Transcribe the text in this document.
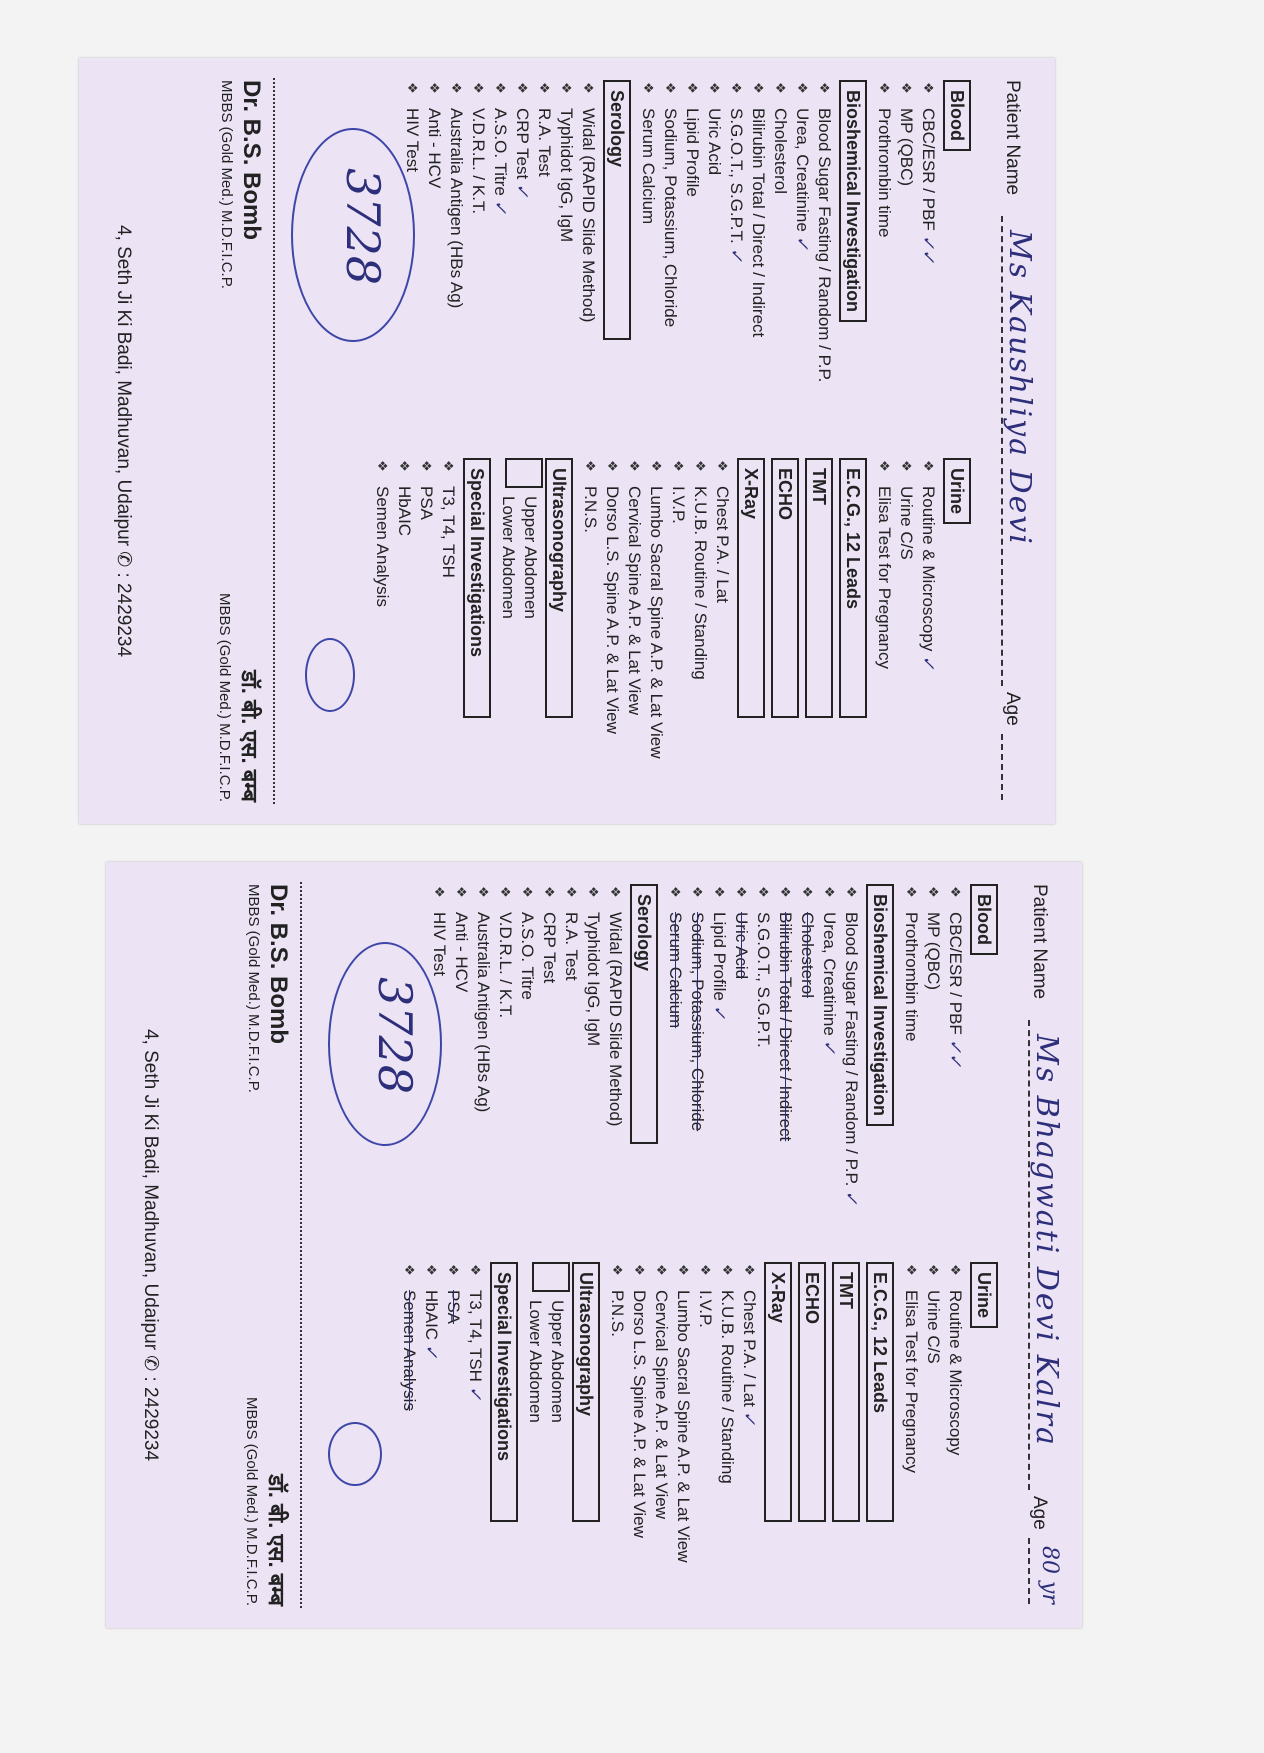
Patient Name
Ms Kaushliya Devi
Age
Blood
❖ CBC/ESR / PBF✓✓
❖ MP (QBC)
❖ Prothrombin time
Bioshemical Investigation
❖ Blood Sugar Fasting / Random / P.P.
❖ Urea, Creatinine✓
❖ Cholesterol
❖ Bilirubin Total / Direct / Indirect
❖ S.G.O.T., S.G.P.T.✓
❖ Uric Acid
❖ Lipid Profile
❖ Sodium, Potassium, Chloride
❖ Serum Calcium
Serology
❖ Widal (RAPID Slide Method)
❖ Typhidot IgG, IgM
❖ R.A. Test
❖ CRP Test✓
❖ A.S.O. Titre✓
❖ V.D.R.L. / K.T.
❖ Australia Antigen (HBs Ag)
❖ Anti - HCV
❖ HIV Test
Urine
❖ Routine & Microscopy✓
❖ Urine C/S
❖ Elisa Test for Pregnancy
E.C.G., 12 Leads
TMT
ECHO
X-Ray
❖ Chest P.A. / Lat
❖ K.U.B. Routine / Standing
❖ I.V.P.
❖ Lumbo Sacral Spine A.P. & Lat View
❖ Cervical Spine A.P. & Lat View
❖ Dorso L.S. Spine A.P. & Lat View
❖ P.N.S.
Ultrasonography
Upper Abdomen
Lower Abdomen
Special Investigations
❖ T3, T4, TSH
❖ PSA
❖ HbAIC
❖ Semen Analysis
3728
Dr. B.S. Bomb
MBBS (Gold Med.) M.D.F.I.C.P.
डॉ. बी. एस. बम्ब
MBBS (Gold Med.) M.D.F.I.C.P.
4, Seth Ji Ki Badi, Madhuvan, Udaipur ✆ : 2429234
Patient Name
Ms Bhagwati Devi Kalra
Age
80 yr
Blood
❖ CBC/ESR / PBF✓✓
❖ MP (QBC)
❖ Prothrombin time
Bioshemical Investigation
❖ Blood Sugar Fasting / Random / P.P.✓
❖ Urea, Creatinine✓
❖ Cholesterol
❖ Bilirubin Total / Direct / Indirect
❖ S.G.O.T., S.G.P.T.
❖ Uric Acid
❖ Lipid Profile✓
❖ Sodium, Potassium, Chloride
❖ Serum Calcium
Serology
❖ Widal (RAPID Slide Method)
❖ Typhidot IgG, IgM
❖ R.A. Test
❖ CRP Test
❖ A.S.O. Titre
❖ V.D.R.L. / K.T.
❖ Australia Antigen (HBs Ag)
❖ Anti - HCV
❖ HIV Test
Urine
❖ Routine & Microscopy
❖ Urine C/S
❖ Elisa Test for Pregnancy
E.C.G., 12 Leads
TMT
ECHO
X-Ray
❖ Chest P.A. / Lat✓
❖ K.U.B. Routine / Standing
❖ I.V.P.
❖ Lumbo Sacral Spine A.P. & Lat View
❖ Cervical Spine A.P. & Lat View
❖ Dorso L.S. Spine A.P. & Lat View
❖ P.N.S.
Ultrasonography
Upper Abdomen
Lower Abdomen
Special Investigations
❖ T3, T4, TSH✓
❖ PSA
❖ HbAIC✓
❖ Semen Analysis
3728
Dr. B.S. Bomb
MBBS (Gold Med.) M.D.F.I.C.P.
डॉ. बी. एस. बम्ब
MBBS (Gold Med.) M.D.F.I.C.P.
4, Seth Ji Ki Badi, Madhuvan, Udaipur ✆ : 2429234
